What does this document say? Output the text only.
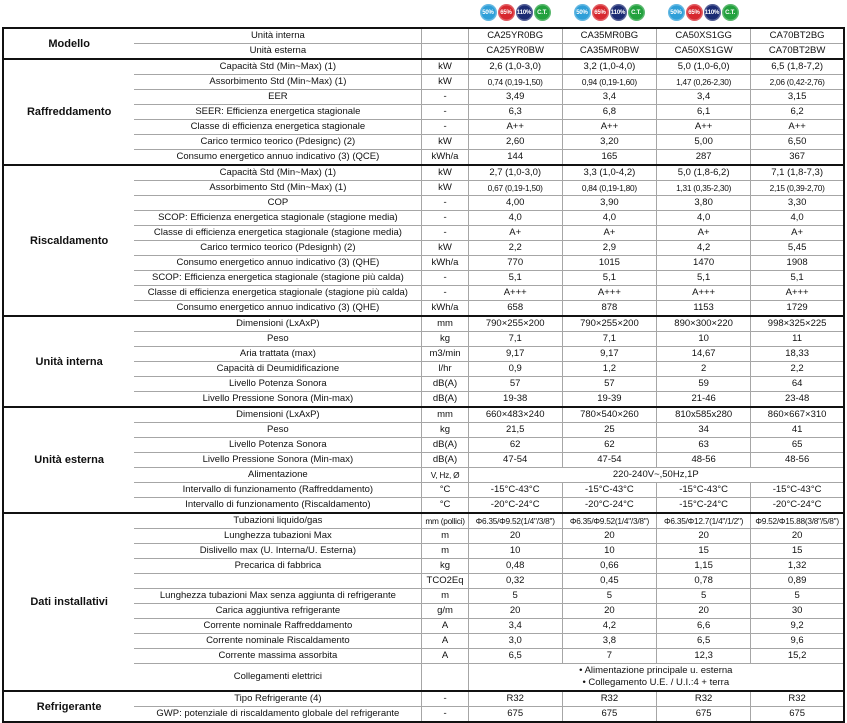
50%	65% 110% C.T.	50%	65% 110% C.T.	50%	65% 110% C.T.
Modello	Unità interna		CA25YR0BG	CA35MR0BG	CA50XS1GG	CA70BT2BG
	Unità esterna		CA25YR0BW	CA35MR0BW	CA50XS1GW	CA70BT2BW
Raffreddamento	Capacità Std (Min~Max) (1)	kW	2,6 (1,0-3,0)	3,2 (1,0-4,0)	5,0 (1,0-6,0)	6,5 (1,8-7,2)
	Assorbimento Std (Min~Max) (1)	kW	0,74 (0,19-1,50)	0,94 (0,19-1,60)	1,47 (0,26-2,30)	2,06 (0,42-2,76)
	EER	-	3,49	3,4	3,4	3,15
	SEER: Efficienza energetica stagionale	-	6,3	6,8	6,1	6,2
	Classe di efficienza energetica stagionale	-	A++	A++	A++	A++
	Carico termico teorico (Pdesignc) (2)	kW	2,60	3,20	5,00	6,50
	Consumo energetico annuo indicativo (3) (QCE)	kWh/a	144	165	287	367
Riscaldamento	Capacità Std (Min~Max) (1)	kW	2,7 (1,0-3,0)	3,3 (1,0-4,2)	5,0 (1,8-6,2)	7,1 (1,8-7,3)
	Assorbimento Std (Min~Max) (1)	kW	0,67 (0,19-1,50)	0,84 (0,19-1,80)	1,31 (0,35-2,30)	2,15 (0,39-2,70)
	COP	-	4,00	3,90	3,80	3,30
	SCOP: Efficienza energetica stagionale (stagione media)	-	4,0	4,0	4,0	4,0
	Classe di efficienza energetica stagionale (stagione media)	-	A+	A+	A+	A+
	Carico termico teorico (Pdesignh) (2)	kW	2,2	2,9	4,2	5,45
	Consumo energetico annuo indicativo (3) (QHE)	kWh/a	770	1015	1470	1908
	SCOP: Efficienza energetica stagionale (stagione più calda)	-	5,1	5,1	5,1	5,1
	Classe di efficienza energetica stagionale (stagione più calda)	-	A+++	A+++	A+++	A+++
	Consumo energetico annuo indicativo (3) (QHE)	kWh/a	658	878	1153	1729
Unità interna	Dimensioni (LxAxP)	mm	790×255×200	790×255×200	890×300×220	998×325×225
	Peso	kg	7,1	7,1	10	11
	Aria trattata (max)	m3/min	9,17	9,17	14,67	18,33
	Capacità di Deumidificazione	l/hr	0,9	1,2	2	2,2
	Livello Potenza Sonora	dB(A)	57	57	59	64
	Livello Pressione Sonora (Min-max)	dB(A)	19-38	19-39	21-46	23-48
Unità esterna	Dimensioni (LxAxP)	mm	660×483×240	780×540×260	810x585x280	860×667×310
	Peso	kg	21,5	25	34	41
	Livello Potenza Sonora	dB(A)	62	62	63	65
	Livello Pressione Sonora (Min-max)	dB(A)	47-54	47-54	48-56	48-56
	Alimentazione	V, Hz, Ø	220-240V~,50Hz,1P			
	Intervallo di funzionamento (Raffreddamento)	°C	-15°C-43°C	-15°C-43°C	-15°C-43°C	-15°C-43°C
	Intervallo di funzionamento (Riscaldamento)	°C	-20°C-24°C	-20°C-24°C	-15°C-24°C	-20°C-24°C
Dati installativi	Tubazioni liquido/gas	mm (pollici)	Φ6.35/Φ9.52(1/4"/3/8")	Φ6.35/Φ9.52(1/4"/3/8")	Φ6.35/Φ12.7(1/4"/1/2")	Φ9.52/Φ15.88(3/8"/5/8")
	Lunghezza tubazioni Max	m	20	20	20	20
	Dislivello max (U. Interna/U. Esterna)	m	10	10	15	15
	Precarica di fabbrica	kg	0,48	0,66	1,15	1,32
		TCO2Eq	0,32	0,45	0,78	0,89
	Lunghezza tubazioni Max senza aggiunta di refrigerante	m	5	5	5	5
	Carica aggiuntiva refrigerante	g/m	20	20	20	30
	Corrente nominale Raffreddamento	A	3,4	4,2	6,6	9,2
	Corrente nominale Riscaldamento	A	3,0	3,8	6,5	9,6
	Corrente massima assorbita	A	6,5	7	12,3	15,2
	Collegamenti elettrici		• Alimentazione principale u. esterna
• Collegamento U.E. / U.I.:4 + terra			

Refrigerante	Tipo Refrigerante (4)	-	R32	R32	R32	R32
	GWP: potenziale di riscaldamento globale del refrigerante	-	675	675	675	675
